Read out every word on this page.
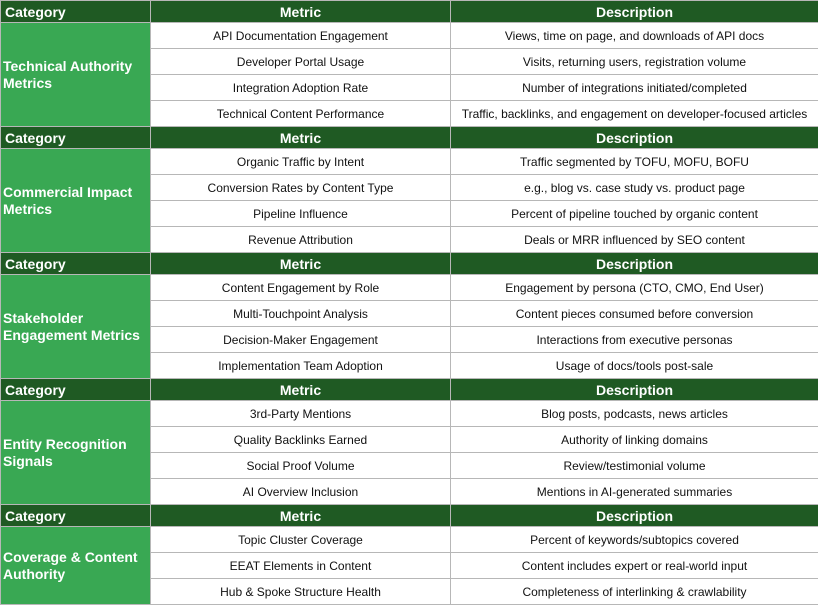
Category	Metric	Description
Technical Authority Metrics	API Documentation Engagement	Views, time on page, and downloads of API docs
	Developer Portal Usage	Visits, returning users, registration volume
	Integration Adoption Rate	Number of integrations initiated/completed
	Technical Content Performance	Traffic, backlinks, and engagement on developer-focused articles
Category	Metric	Description
Commercial Impact Metrics	Organic Traffic by Intent	Traffic segmented by TOFU, MOFU, BOFU
	Conversion Rates by Content Type	e.g., blog vs. case study vs. product page
	Pipeline Influence	Percent of pipeline touched by organic content
	Revenue Attribution	Deals or MRR influenced by SEO content
Category	Metric	Description
Stakeholder Engagement Metrics	Content Engagement by Role	Engagement by persona (CTO, CMO, End User)
	Multi-Touchpoint Analysis	Content pieces consumed before conversion
	Decision-Maker Engagement	Interactions from executive personas
	Implementation Team Adoption	Usage of docs/tools post-sale
Category	Metric	Description
Entity Recognition Signals	3rd-Party Mentions	Blog posts, podcasts, news articles
	Quality Backlinks Earned	Authority of linking domains
	Social Proof Volume	Review/testimonial volume
	AI Overview Inclusion	Mentions in AI-generated summaries
Category	Metric	Description
Coverage & Content Authority	Topic Cluster Coverage	Percent of keywords/subtopics covered
	EEAT Elements in Content	Content includes expert or real-world input
	Hub & Spoke Structure Health	Completeness of interlinking & crawlability
